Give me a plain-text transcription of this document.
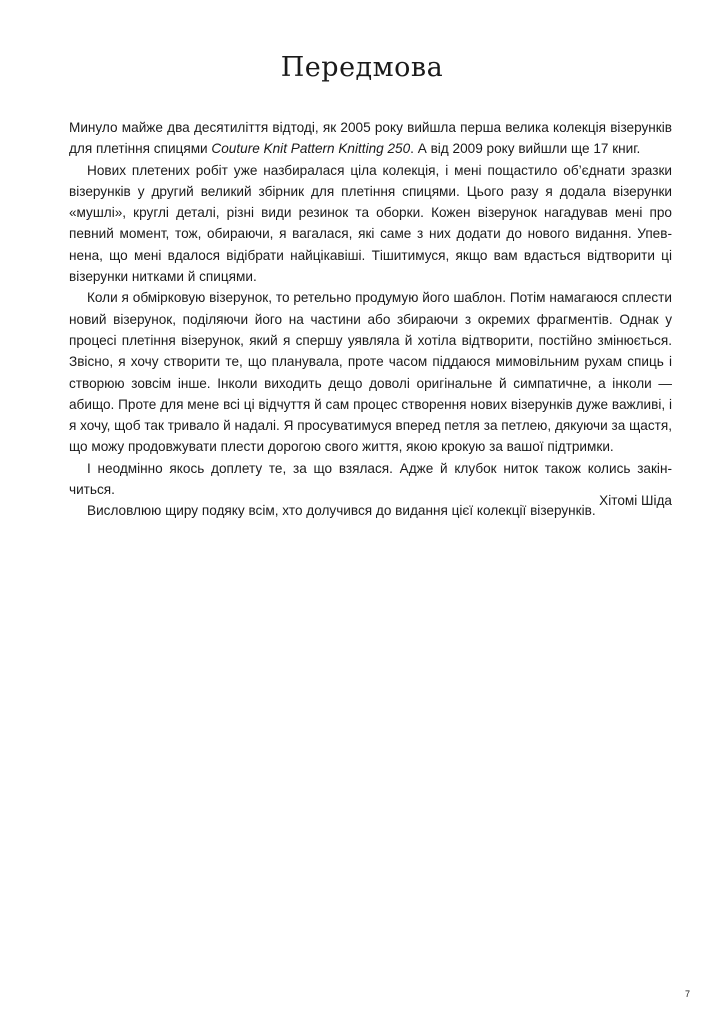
Передмова

Минуло майже два десятиліття відтоді, як 2005 року вийшла перша велика колекція візерунків для плетіння спицями Couture Knit Pattern Knitting 250. А від 2009 року вийшли ще 17 книг.

Нових плетених робіт уже назбиралася ціла колекція, і мені пощастило об’єднати зразки візерунків у другий великий збірник для плетіння спицями. Цього разу я додала візерунки «мушлі», круглі деталі, різні види резинок та оборки. Кожен візерунок нагадував мені про певний момент, тож, обираючи, я вагалася, які саме з них додати до нового видання. Упевнена, що мені вдалося відібрати найцікавіші. Тішитимуся, якщо вам вдасться відтворити ці візерунки нитками й спицями.

Коли я обмірковую візерунок, то ретельно продумую його шаблон. Потім намагаюся сплести новий візерунок, поділяючи його на частини або збираючи з окремих фрагментів. Однак у процесі плетіння візерунок, який я спершу уявляла й хотіла відтворити, постійно змінюється. Звісно, я хочу створити те, що планувала, проте часом піддаюся мимовільним рухам спиць і створюю зовсім інше. Інколи виходить дещо доволі оригінальне й симпатичне, а інколи — абищо. Проте для мене всі ці відчуття й сам процес створення нових візерунків дуже важливі, і я хочу, щоб так тривало й надалі. Я просуватимуся вперед петля за петлею, дякуючи за щастя, що можу продовжувати плести дорогою свого життя, якою крокую за вашої підтримки.

І неодмінно якось доплету те, за що взялася. Адже й клубок ниток також колись закінчиться.

Висловлюю щиру подяку всім, хто долучився до видання цієї колекції візерунків.

Хітомі Шіда
7
